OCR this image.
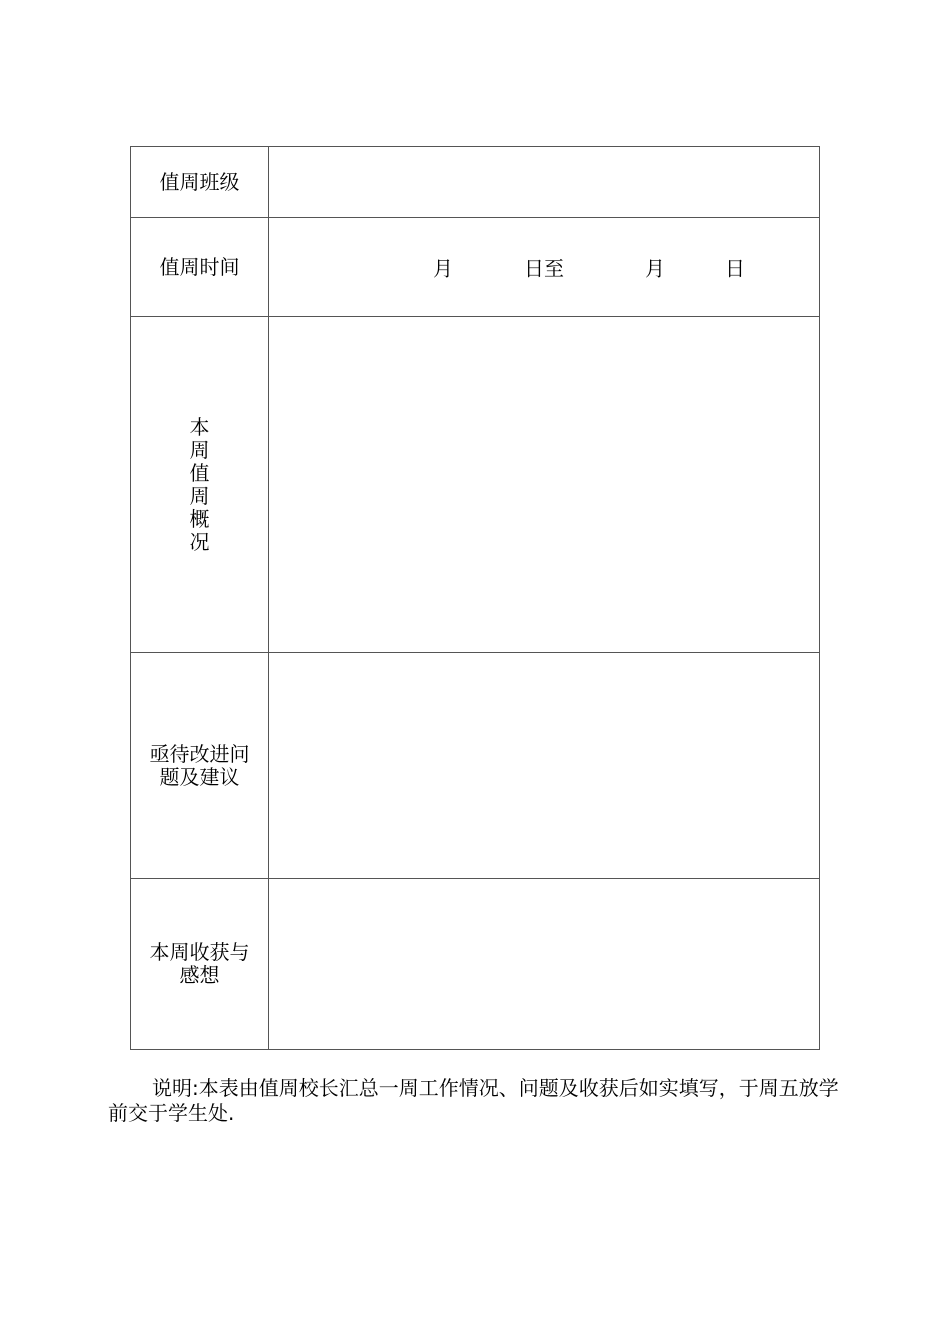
值周班级	
值周时间	月 日至 月 日

本周值周概况	
亟待改进问题及建议	
本周收获与感想	

说明:本表由值周校长汇总一周工作情况、问题及收获后如实填写，于周五放学前交于学生处.
